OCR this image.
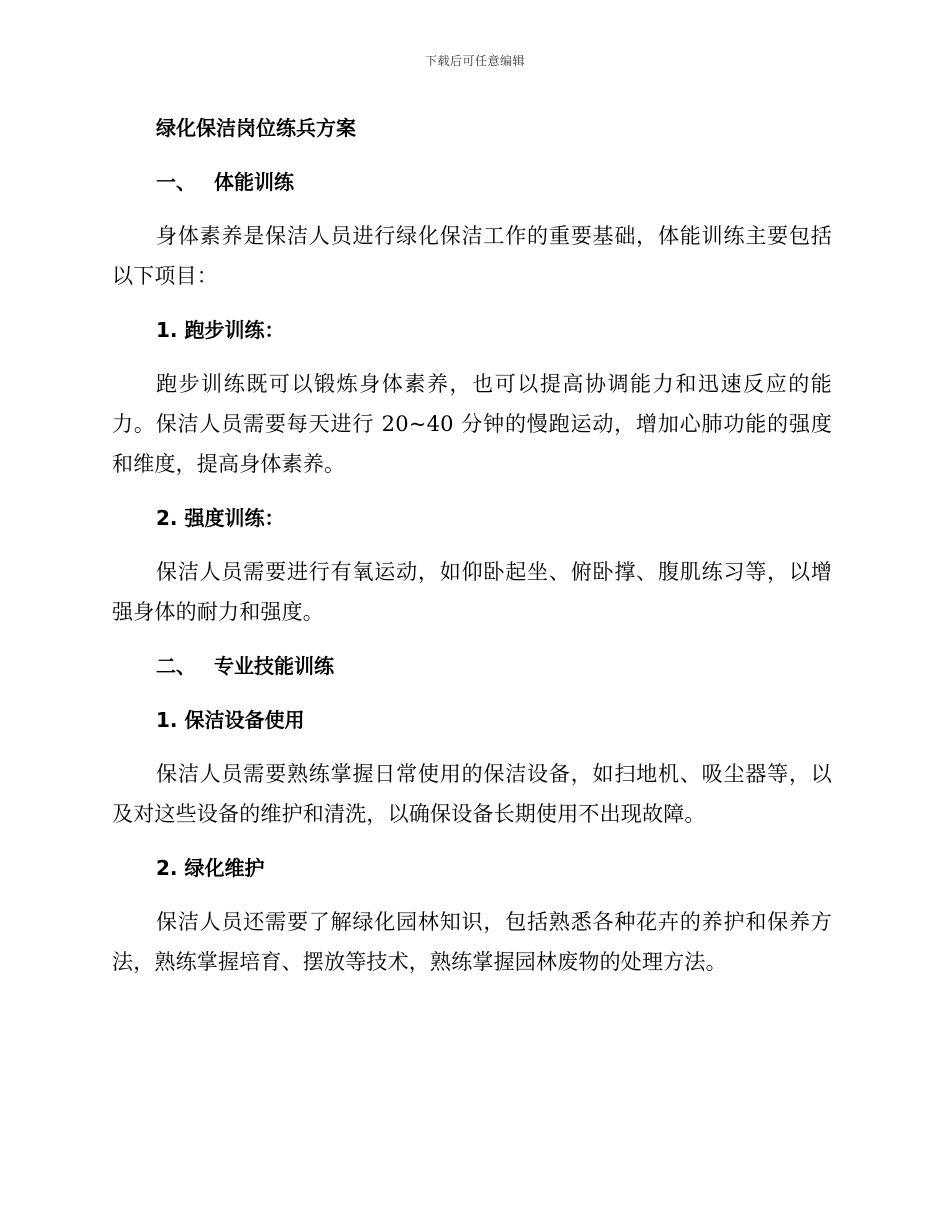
下载后可任意编辑
绿化保洁岗位练兵方案
一、 体能训练

身体素养是保洁人员进行绿化保洁工作的重要基础，体能训练主要包括以下项目：

1. 跑步训练：

跑步训练既可以锻炼身体素养，也可以提高协调能力和迅速反应的能力。保洁人员需要每天进行 20~40 分钟的慢跑运动，增加心肺功能的强度和维度，提高身体素养。

2. 强度训练：

保洁人员需要进行有氧运动，如仰卧起坐、俯卧撑、腹肌练习等，以增强身体的耐力和强度。

二、 专业技能训练
1. 保洁设备使用

保洁人员需要熟练掌握日常使用的保洁设备，如扫地机、吸尘器等，以及对这些设备的维护和清洗，以确保设备长期使用不出现故障。

2. 绿化维护

保洁人员还需要了解绿化园林知识，包括熟悉各种花卉的养护和保养方法，熟练掌握培育、摆放等技术，熟练掌握园林废物的处理方法。
